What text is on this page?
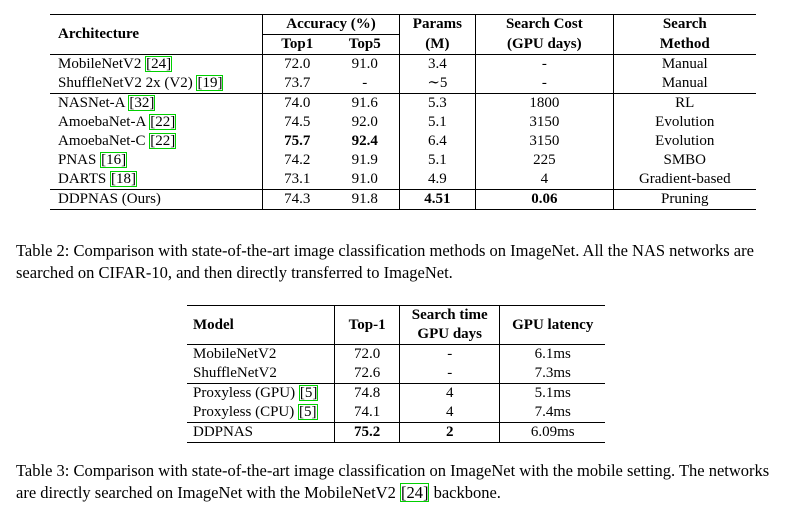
Architecture	Accuracy (%)		Params	Search Cost	Search
	Top1	Top5	(M)	(GPU days)	Method
MobileNetV2 [24]	72.0	91.0	3.4	-	Manual
ShuffleNetV2 2x (V2) [19]	73.7	-	∼5	-	Manual
NASNet-A [32]	74.0	91.6	5.3	1800	RL
AmoebaNet-A [22]	74.5	92.0	5.1	3150	Evolution
AmoebaNet-C [22]	75.7	92.4	6.4	3150	Evolution
PNAS [16]	74.2	91.9	5.1	225	SMBO
DARTS [18]	73.1	91.0	4.9	4	Gradient-based
DDPNAS (Ours)	74.3	91.8	4.51	0.06	Pruning
Table 2: Comparison with state-of-the-art image classification methods on ImageNet. All the NAS networks are searched on CIFAR-10, and then directly transferred to ImageNet.
Model	Top-1	Search time	GPU latency
		GPU days	
MobileNetV2	72.0	-	6.1ms
ShuffleNetV2	72.6	-	7.3ms
Proxyless (GPU) [5]	74.8	4	5.1ms
Proxyless (CPU) [5]	74.1	4	7.4ms
DDPNAS	75.2	2	6.09ms
Table 3: Comparison with state-of-the-art image classification on ImageNet with the mobile setting. The networks are directly searched on ImageNet with the MobileNetV2 [24] backbone.
